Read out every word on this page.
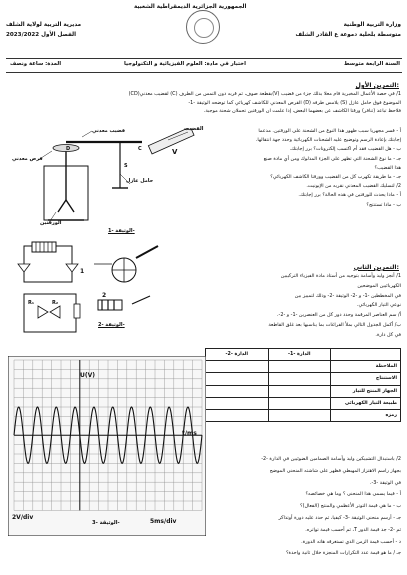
الجمهورية الجزائرية الديمقراطية الشعبية
وزارة التربية الوطنية
متوسطة بلخلية دموعة ع القادر الشلف
مديرية التربية لولاية الشلف
الفصل الأول 2023/2022
السنة الرابعة متوسط
اختبار في مادة: العلوم الفيزيائية و التكنولوجيا
المدة: ساعة ونصف
التمرين الأول:

1/ في حصة الأعمال المخبرية قام معلا بدلك جزء من قضيب (V)بقطعة صوف، ثم قربه دون التمس من الطرف (C) لقضيب معدني(CD)

الموضوع فوق حامل عازل (S) يلامس طرفه (D) القرص المعدني للكاشف كهربائي كما توضحه الوثيقة -1-

فلاحظ تباعد (تنافر) ورقتا الكاشف عن بعضهما البعض، إذا علمت ان الورقتين تحملان شحنة موجبة.

أ - فسر مجهريا سبب ظهور هذا النوع من الشحنة على الورقتين. مدعما

إجابتك بإعادة الرسم وتوضيح عليه الشحنات الكهربائية وحدد جهة انتقالها.

ب - هل القضيب فقد أم اكتسب إلكترونات؟ برر إجابتك.

جـ - ما نوع الشحنة التي تظهر على الجزء المدلوك ومن أي مادة صنع

هذا القضيب؟

جـ - ما طريقة تكهرب كل من القضيب وورقتا الكاشف الكهربائي؟

2/ لتسليك القضيب المعدني نقربه من الإبونيت.

أ - ماذا يحدث للورقتين في هذه الحالة؟ برر إجابتك.

ب - ماذا تستنتج؟

قضيب معدني	القضيب
قرص معدني
حامل عازل
الورقتين
V
C
D
S
الوثيقة -1-
1
2
R₁	R₂
الوثيقة -2-
التمرين الثاني:

1/ أنجز وليد وأسامة بتوجيه من أستاذ مادة الفيزياء التركيبين

الكهربائيين الموضحين

في المخططين -1- و -2- الوثيقة -2- وذلك لتمييز بين

نوعي التيار الكهربائي.

أ/ سم العناصر المرقمة وحدد دور كل من العنصرين -1- و -2-.

ب/ أكمل الجدول التالي بملأ الفراغات بما يناسبها بعد غلق القاطعة

في كل دارة.

	الدارة -1-	الدارة -2-
الملاحظة		
الاستنتاج		
الجهاز المنتج للتيار		
طبيعة التيار الكهربائي		
رمزه		
U(V)
t/ms
2V/div
5ms/div
الوثيقة -3-

2/ باستبدال التشبيكين وليد وأسامة الصمامين الضوئيين في الدارة -2-

بجهاز راسم الاهتزاز المهبطي فظهر على شاشته المنحنى الموضح

في الوثيقة -3-.

أ - فيما يسمى هذا المنحنى ؟ وما هي خصائصه؟

ب - ما هي قيمة التوتر الأعظمي والمنتج (الفعال)؟

جـ - أرسم منحنى الوثيقة -3- كيفيا، ثم حدد عليه دورة أوتذاكر

ثم -2- جد قيمة الدور T، ثم أحسب قيمة تواتره.

د - أحسب قيمة الزمن الذي تستغرقه هاته الدورة.

جـ / ما هو قيمة عدد التكرارات المنجزة خلال ثانية واحدة؟
